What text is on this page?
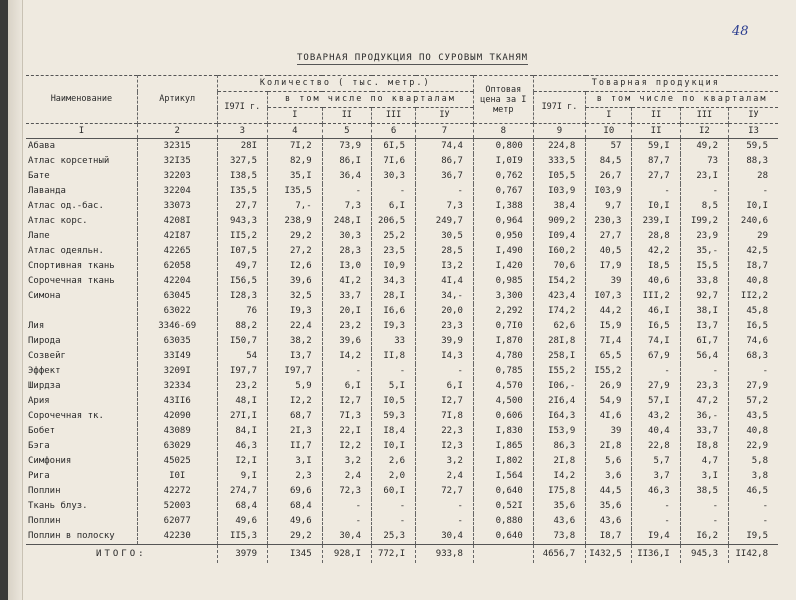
48
ТОВАРНАЯ ПРОДУКЦИЯ ПО СУРОВЫМ ТКАНЯМ
Наименование	Артикул	Количество ( тыс. метр.)					Оптовая цена за I метр	Товарная продукция				
		I97I г.	в том числе по кварталам					I97I г.	в том числе по кварталам			
			I	II	III	IУ			I	II	III	IУ
I	2	3	4	5	6	7	8	9	I0	II	I2	I3
Абава	32315	28I	7I,2	73,9	6I,5	74,4	0,800	224,8	57	59,I	49,2	59,5
Атлас корсетный	32I35	327,5	82,9	86,I	7I,6	86,7	I,0I9	333,5	84,5	87,7	73	88,3
Бате	32203	I38,5	35,I	36,4	30,3	36,7	0,762	I05,5	26,7	27,7	23,I	28
Лаванда	32204	I35,5	I35,5	-	-	-	0,767	I03,9	I03,9	-	-	-
Атлас од.-бас.	33073	27,7	7,-	7,3	6,I	7,3	I,388	38,4	9,7	I0,I	8,5	I0,I
Атлас корс.	4208I	943,3	238,9	248,I	206,5	249,7	0,964	909,2	230,3	239,I	I99,2	240,6
Лапе	42I87	II5,2	29,2	30,3	25,2	30,5	0,950	I09,4	27,7	28,8	23,9	29
Атлас одеяльн.	42265	I07,5	27,2	28,3	23,5	28,5	I,490	I60,2	40,5	42,2	35,-	42,5
Спортивная ткань	62058	49,7	I2,6	I3,0	I0,9	I3,2	I,420	70,6	I7,9	I8,5	I5,5	I8,7
Сорочечная ткань	42204	I56,5	39,6	4I,2	34,3	4I,4	0,985	I54,2	39	40,6	33,8	40,8
Симона	63045	I28,3	32,5	33,7	28,I	34,-	3,300	423,4	I07,3	III,2	92,7	II2,2
	63022	76	I9,3	20,I	I6,6	20,0	2,292	I74,2	44,2	46,I	38,I	45,8
Лия	3346-69	88,2	22,4	23,2	I9,3	23,3	0,7I0	62,6	I5,9	I6,5	I3,7	I6,5
Пирода	63035	I50,7	38,2	39,6	33	39,9	I,870	28I,8	7I,4	74,I	6I,7	74,6
Созвейг	33I49	54	I3,7	I4,2	II,8	I4,3	4,780	258,I	65,5	67,9	56,4	68,3
Эффект	3209I	I97,7	I97,7	-	-	-	0,785	I55,2	I55,2	-	-	-
Ширдза	32334	23,2	5,9	6,I	5,I	6,I	4,570	I06,-	26,9	27,9	23,3	27,9
Ария	43II6	48,I	I2,2	I2,7	I0,5	I2,7	4,500	2I6,4	54,9	57,I	47,2	57,2
Сорочечная тк.	42090	27I,I	68,7	7I,3	59,3	7I,8	0,606	I64,3	4I,6	43,2	36,-	43,5
Бобет	43089	84,I	2I,3	22,I	I8,4	22,3	I,830	I53,9	39	40,4	33,7	40,8
Бэга	63029	46,3	II,7	I2,2	I0,I	I2,3	I,865	86,3	2I,8	22,8	I8,8	22,9
Симфония	45025	I2,I	3,I	3,2	2,6	3,2	I,802	2I,8	5,6	5,7	4,7	5,8
Рига	I0I	9,I	2,3	2,4	2,0	2,4	I,564	I4,2	3,6	3,7	3,I	3,8
Поплин	42272	274,7	69,6	72,3	60,I	72,7	0,640	I75,8	44,5	46,3	38,5	46,5
Ткань блуз.	52003	68,4	68,4	-	-	-	0,52I	35,6	35,6	-	-	-
Поплин	62077	49,6	49,6	-	-	-	0,880	43,6	43,6	-	-	-
Поплин в полоску	42230	II5,3	29,2	30,4	25,3	30,4	0,640	73,8	I8,7	I9,4	I6,2	I9,5
ИТОГО:		3979	I345	928,I	772,I	933,8		4656,7	I432,5	II36,I	945,3	II42,8
